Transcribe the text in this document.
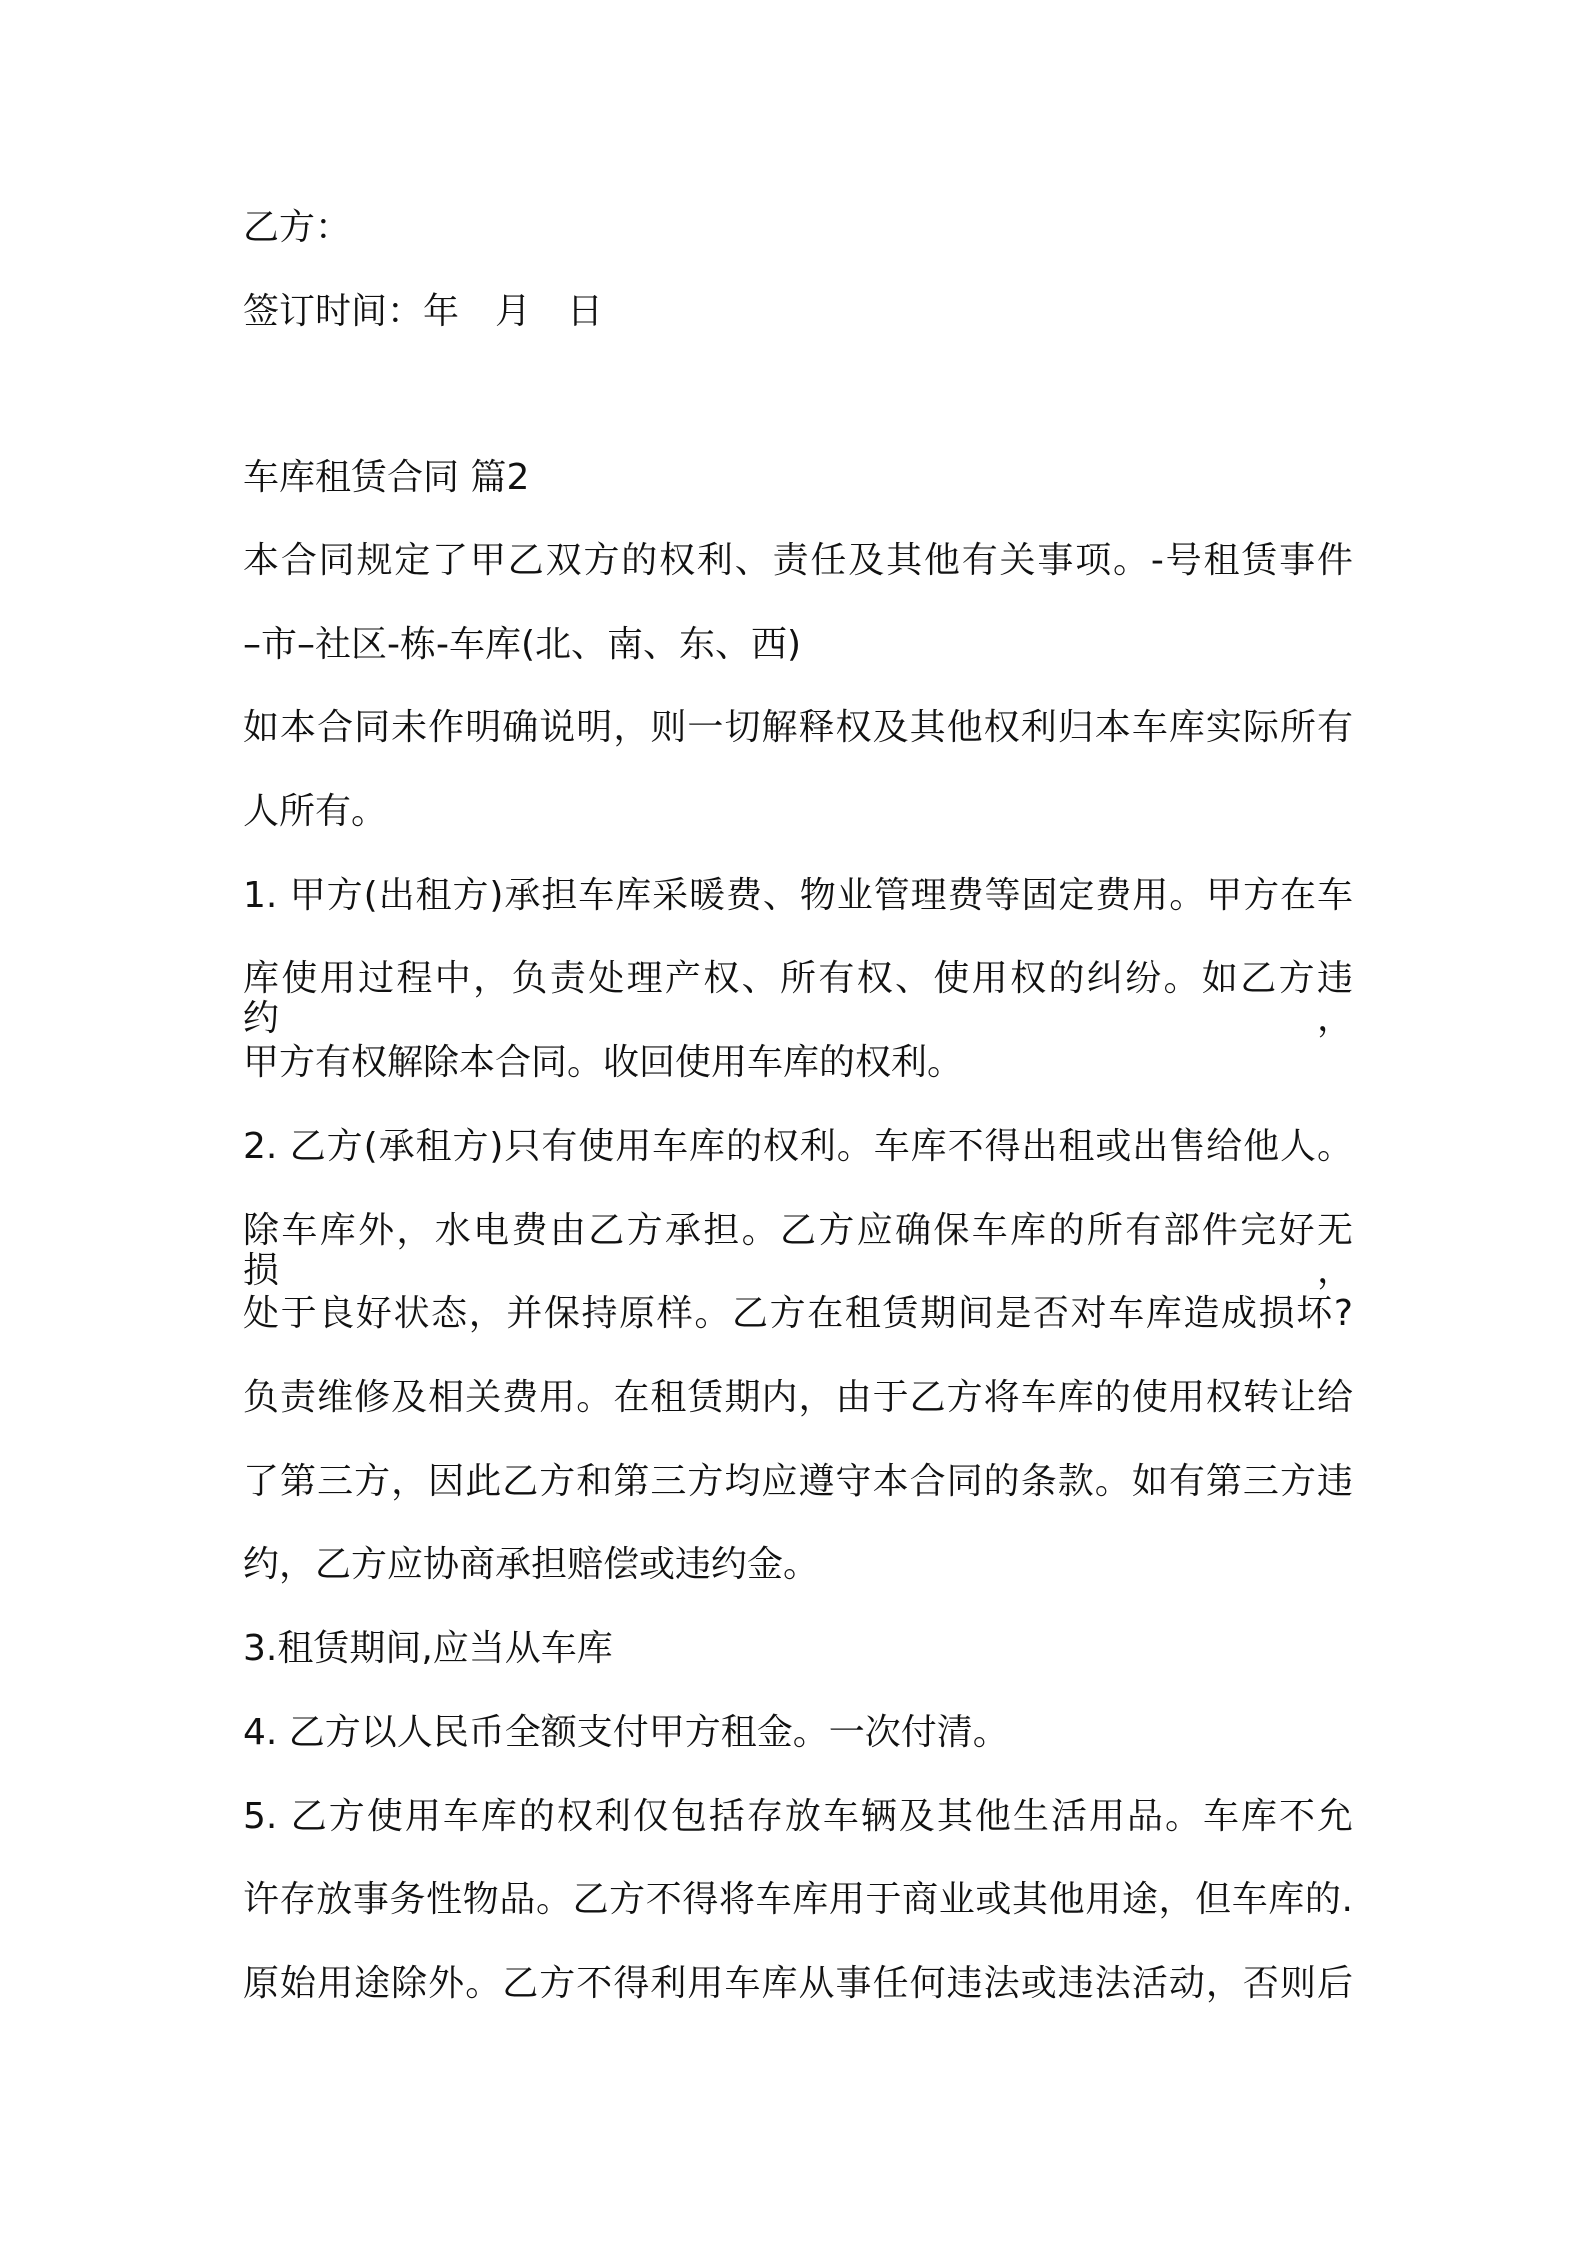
乙方：

签订时间：年　月　日

车库租赁合同 篇2

本合同规定了甲乙双方的权利、责任及其他有关事项。-号租赁事件

–市–社区-栋-车库(北、南、东、西)

如本合同未作明确说明，则一切解释权及其他权利归本车库实际所有

人所有。

1. 甲方(出租方)承担车库采暖费、物业管理费等固定费用。甲方在车

库使用过程中，负责处理产权、所有权、使用权的纠纷。如乙方违约，

甲方有权解除本合同。收回使用车库的权利。

2. 乙方(承租方)只有使用车库的权利。车库不得出租或出售给他人。

除车库外，水电费由乙方承担。乙方应确保车库的所有部件完好无损，

处于良好状态，并保持原样。乙方在租赁期间是否对车库造成损坏?

负责维修及相关费用。在租赁期内，由于乙方将车库的使用权转让给

了第三方，因此乙方和第三方均应遵守本合同的条款。如有第三方违

约，乙方应协商承担赔偿或违约金。

3.租赁期间,应当从车库

4. 乙方以人民币全额支付甲方租金。一次付清。

5. 乙方使用车库的权利仅包括存放车辆及其他生活用品。车库不允

许存放事务性物品。乙方不得将车库用于商业或其他用途，但车库的.

原始用途除外。乙方不得利用车库从事任何违法或违法活动，否则后
